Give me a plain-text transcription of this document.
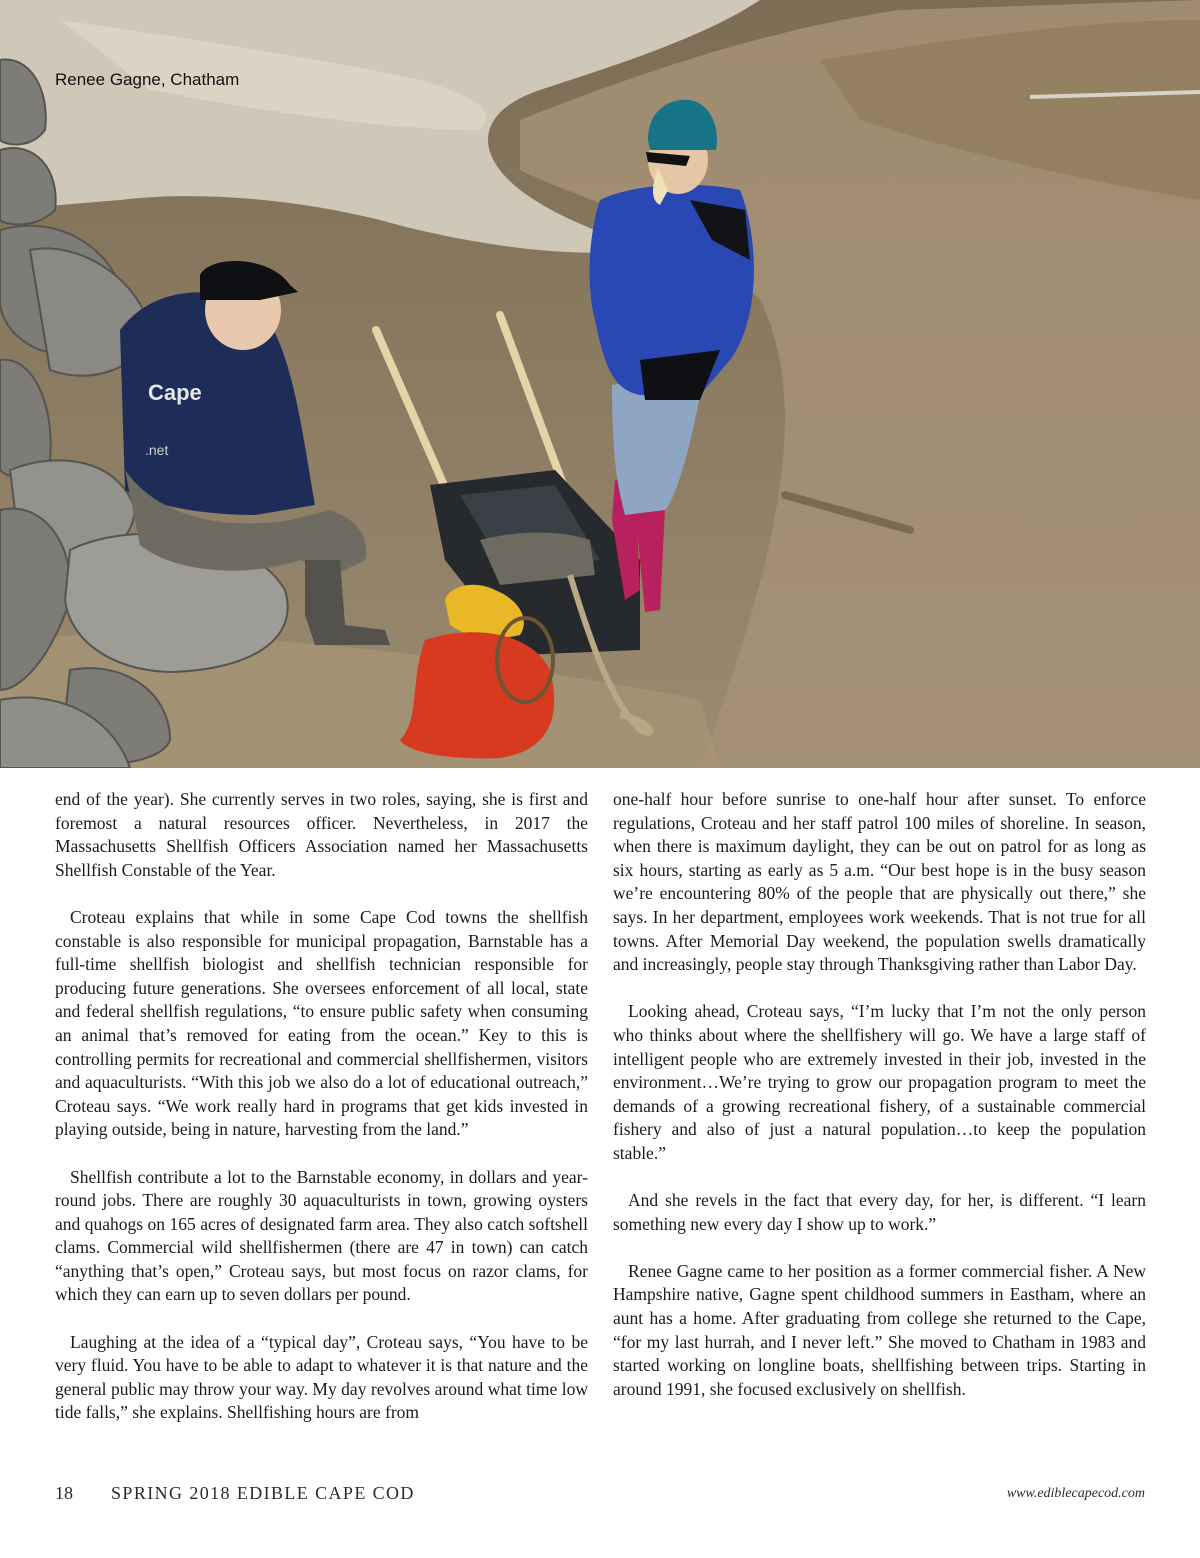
Cape
.net
Renee Gagne, Chatham

end of the year). She currently serves in two roles, saying, she is first and foremost a natural resources officer. Nevertheless, in 2017 the Massachusetts Shellfish Officers Association named her Massachusetts Shellfish Constable of the Year.

Croteau explains that while in some Cape Cod towns the shellfish constable is also responsible for municipal propagation, Barnstable has a full-time shellfish biologist and shellfish technician responsible for producing future generations. She oversees enforcement of all local, state and federal shellfish regulations, “to ensure public safety when consuming an animal that’s removed for eating from the ocean.” Key to this is controlling permits for recreational and commercial shellfishermen, visitors and aquaculturists. “With this job we also do a lot of educational outreach,” Croteau says. “We work really hard in programs that get kids invested in playing outside, being in nature, harvesting from the land.”

Shellfish contribute a lot to the Barnstable economy, in dollars and year-round jobs. There are roughly 30 aquaculturists in town, growing oysters and quahogs on 165 acres of designated farm area. They also catch softshell clams. Commercial wild shellfishermen (there are 47 in town) can catch “anything that’s open,” Croteau says, but most focus on razor clams, for which they can earn up to seven dollars per pound.

Laughing at the idea of a “typical day”, Croteau says, “You have to be very fluid. You have to be able to adapt to whatever it is that nature and the general public may throw your way. My day revolves around what time low tide falls,” she explains. Shellfishing hours are from

one-half hour before sunrise to one-half hour after sunset. To enforce regulations, Croteau and her staff patrol 100 miles of shoreline. In season, when there is maximum daylight, they can be out on patrol for as long as six hours, starting as early as 5 a.m. “Our best hope is in the busy season we’re encountering 80% of the people that are physically out there,” she says. In her department, employees work weekends. That is not true for all towns. After Memorial Day weekend, the population swells dramatically and increasingly, people stay through Thanksgiving rather than Labor Day.

Looking ahead, Croteau says, “I’m lucky that I’m not the only person who thinks about where the shellfishery will go. We have a large staff of intelligent people who are extremely invested in their job, invested in the environment…We’re trying to grow our propagation program to meet the demands of a growing recreational fishery, of a sustainable commercial fishery and also of just a natural population…to keep the population stable.”

And she revels in the fact that every day, for her, is different. “I learn something new every day I show up to work.”

Renee Gagne came to her position as a former commercial fisher. A New Hampshire native, Gagne spent childhood summers in Eastham, where an aunt has a home. After graduating from college she returned to the Cape, “for my last hurrah, and I never left.” She moved to Chatham in 1983 and started working on longline boats, shellfishing between trips. Starting in around 1991, she focused exclusively on shellfish.

18 SPRING 2018 EDIBLE CAPE COD	www.ediblecapecod.com
